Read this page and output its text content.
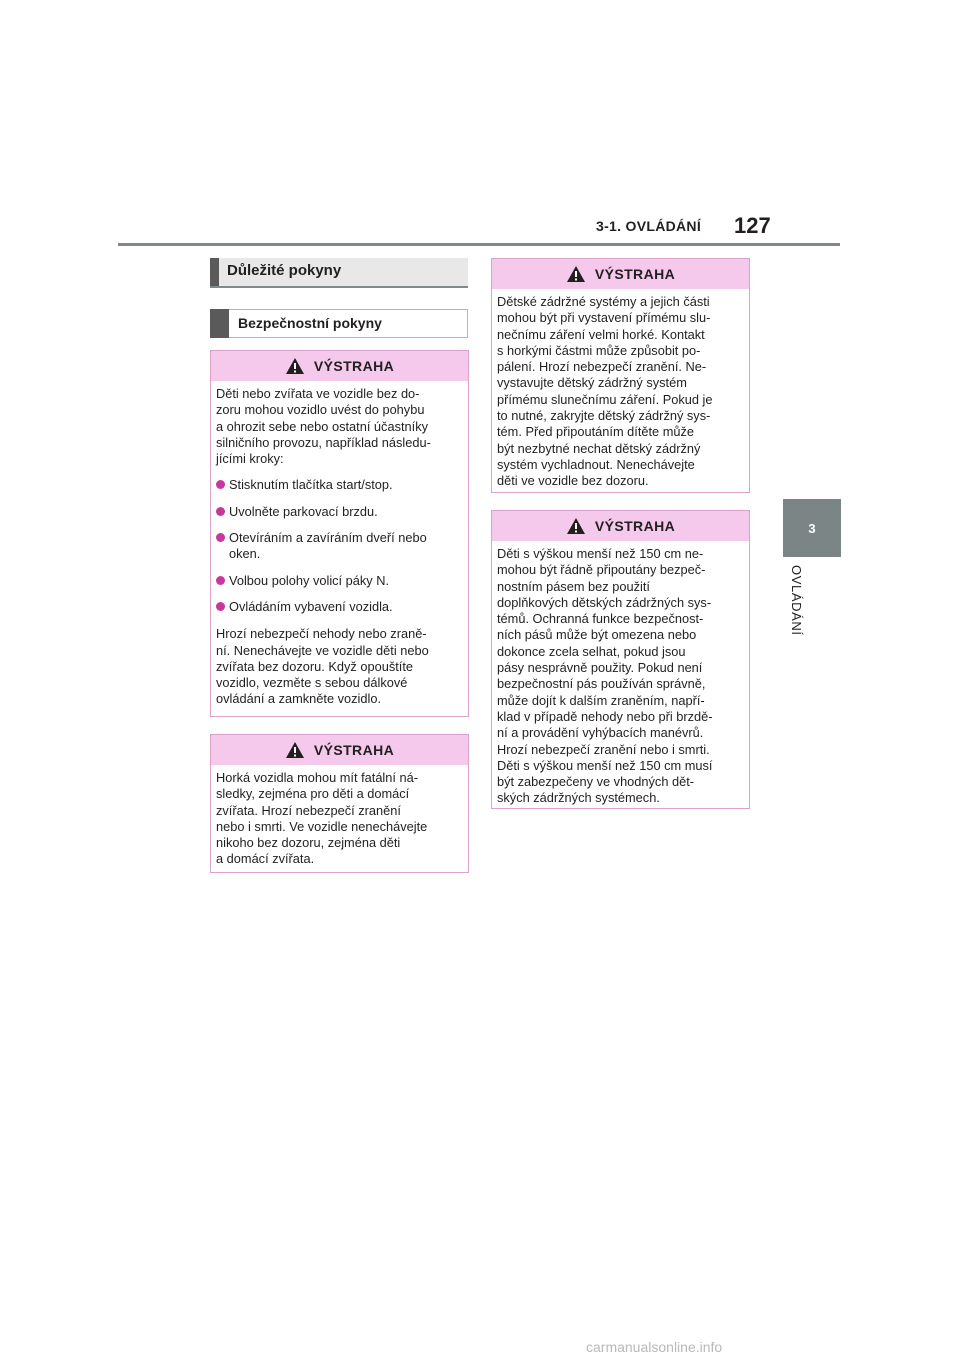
3-1. OVLÁDÁNÍ 127
3
OVLÁDÁNÍ
Důležité pokyny
Bezpečnostní pokyny
VÝSTRAHA

Děti nebo zvířata ve vozidle bez do-
zoru mohou vozidlo uvést do pohybu
a ohrozit sebe nebo ostatní účastníky
silničního provozu, například následu-
jícími kroky:

Stisknutím tlačítka start/stop.
Uvolněte parkovací brzdu.
Otevíráním a zavíráním dveří nebo
oken.
Volbou polohy volicí páky N.
Ovládáním vybavení vozidla.

Hrozí nebezpečí nehody nebo zraně-
ní. Nenechávejte ve vozidle děti nebo
zvířata bez dozoru. Když opouštíte
vozidlo, vezměte s sebou dálkové
ovládání a zamkněte vozidlo.

VÝSTRAHA

Horká vozidla mohou mít fatální ná-
sledky, zejména pro děti a domácí
zvířata. Hrozí nebezpečí zranění
nebo i smrti. Ve vozidle nenechávejte
nikoho bez dozoru, zejména děti
a domácí zvířata.

VÝSTRAHA

Dětské zádržné systémy a jejich části
mohou být při vystavení přímému slu-
nečnímu záření velmi horké. Kontakt
s horkými částmi může způsobit po-
pálení. Hrozí nebezpečí zranění. Ne-
vystavujte dětský zádržný systém
přímému slunečnímu záření. Pokud je
to nutné, zakryjte dětský zádržný sys-
tém. Před připoutáním dítěte může
být nezbytné nechat dětský zádržný
systém vychladnout. Nenechávejte
děti ve vozidle bez dozoru.

VÝSTRAHA

Děti s výškou menší než 150 cm ne-
mohou být řádně připoutány bezpeč-
nostním pásem bez použití
doplňkových dětských zádržných sys-
témů. Ochranná funkce bezpečnost-
ních pásů může být omezena nebo
dokonce zcela selhat, pokud jsou
pásy nesprávně použity. Pokud není
bezpečnostní pás používán správně,
může dojít k dalším zraněním, napří-
klad v případě nehody nebo při brzdě-
ní a provádění vyhýbacích manévrů.
Hrozí nebezpečí zranění nebo i smrti.
Děti s výškou menší než 150 cm musí
být zabezpečeny ve vhodných dět-
ských zádržných systémech.

carmanualsonline.info
